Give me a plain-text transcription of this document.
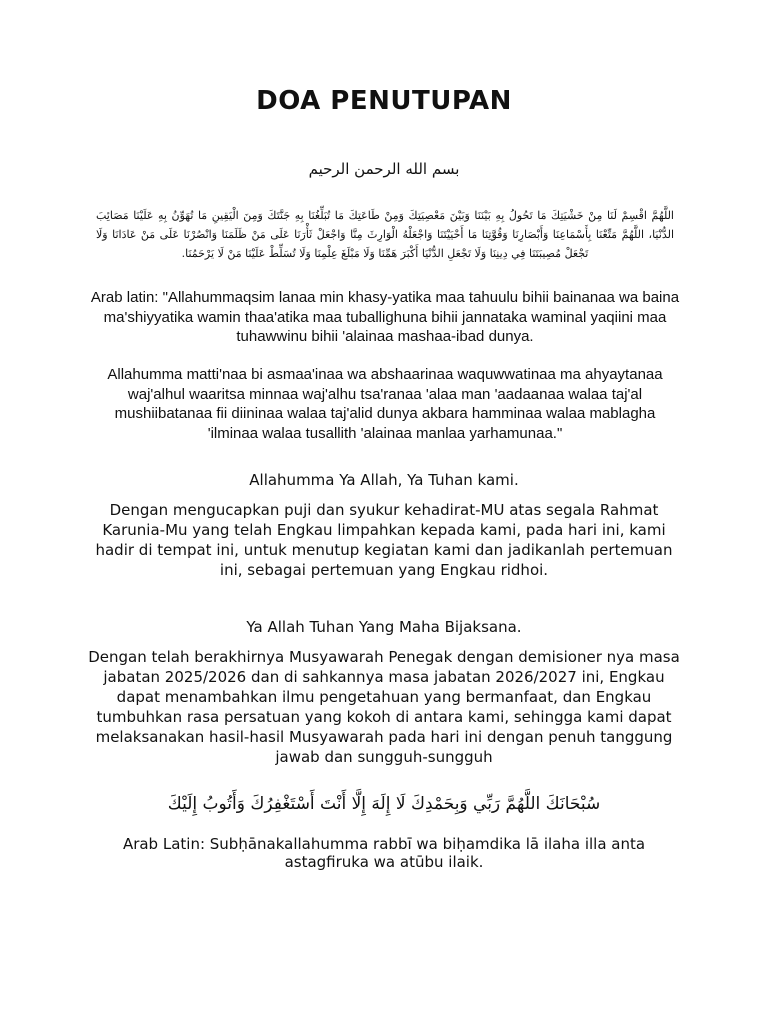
DOA PENUTUPAN
بسم الله الرحمن الرحيم
اللَّهُمَّ اقْسِمْ لَنَا مِنْ خَشْيَتِكَ مَا تَحُولُ بِهِ بَيْنَنَا وَبَيْنَ مَعْصِيَتِكَ وَمِنْ طَاعَتِكَ مَا تُبَلِّغُنَا بِهِ جَنَّتَكَ وَمِنَ الْيَقِينِ مَا تُهَوِّنُ بِهِ عَلَيْنَا مَصَائِبَ الدُّنْيَا، اللَّهُمَّ مَتِّعْنَا بِأَسْمَاعِنَا وَأَبْصَارِنَا وَقُوَّتِنَا مَا أَحْيَيْتَنَا وَاجْعَلْهُ الْوَارِثَ مِنَّا وَاجْعَلْ ثَأْرَنَا عَلَى مَنْ ظَلَمَنَا وَانْصُرْنَا عَلَى مَنْ عَادَانَا وَلَا تَجْعَلْ مُصِيبَتَنَا فِي دِينِنَا وَلَا تَجْعَلِ الدُّنْيَا أَكْبَرَ هَمِّنَا وَلَا مَبْلَغَ عِلْمِنَا وَلَا تُسَلِّطْ عَلَيْنَا مَنْ لَا يَرْحَمُنَا.
Arab latin: "Allahummaqsim lanaa min khasy-yatika maa tahuulu bihii bainanaa wa baina ma'shiyyatika wamin thaa'atika maa tuballighuna bihii jannataka waminal yaqiini maa tuhawwinu bihii 'alainaa mashaa-ibad dunya.
Allahumma matti'naa bi asmaa'inaa wa abshaarinaa waquwwatinaa ma ahyaytanaa waj'alhul waaritsa minnaa waj'alhu tsa'ranaa 'alaa man 'aadaanaa walaa taj'al mushiibatanaa fii diininaa walaa taj'alid dunya akbara hamminaa walaa mablagha 'ilminaa walaa tusallith 'alainaa manlaa yarhamunaa."
Allahumma Ya Allah, Ya Tuhan kami.
Dengan mengucapkan puji dan syukur kehadirat-MU atas segala Rahmat Karunia-Mu yang telah Engkau limpahkan kepada kami, pada hari ini, kami hadir di tempat ini, untuk menutup kegiatan kami dan jadikanlah pertemuan ini, sebagai pertemuan yang Engkau ridhoi.
Ya Allah Tuhan Yang Maha Bijaksana.
Dengan telah berakhirnya Musyawarah Penegak dengan demisioner nya masa jabatan 2025/2026 dan di sahkannya masa jabatan 2026/2027 ini, Engkau dapat menambahkan ilmu pengetahuan yang bermanfaat, dan Engkau tumbuhkan rasa persatuan yang kokoh di antara kami, sehingga kami dapat melaksanakan hasil-hasil Musyawarah pada hari ini dengan penuh tanggung jawab dan sungguh-sungguh
سُبْحَانَكَ اللَّهُمَّ رَبِّي وَبِحَمْدِكَ لَا إِلَهَ إِلَّا أَنْتَ أَسْتَغْفِرُكَ وَأَتُوبُ إِلَيْكَ
Arab Latin: Subḥānakallahumma rabbī wa biḥamdika lā ilaha illa anta astagfiruka wa atūbu ilaik.
